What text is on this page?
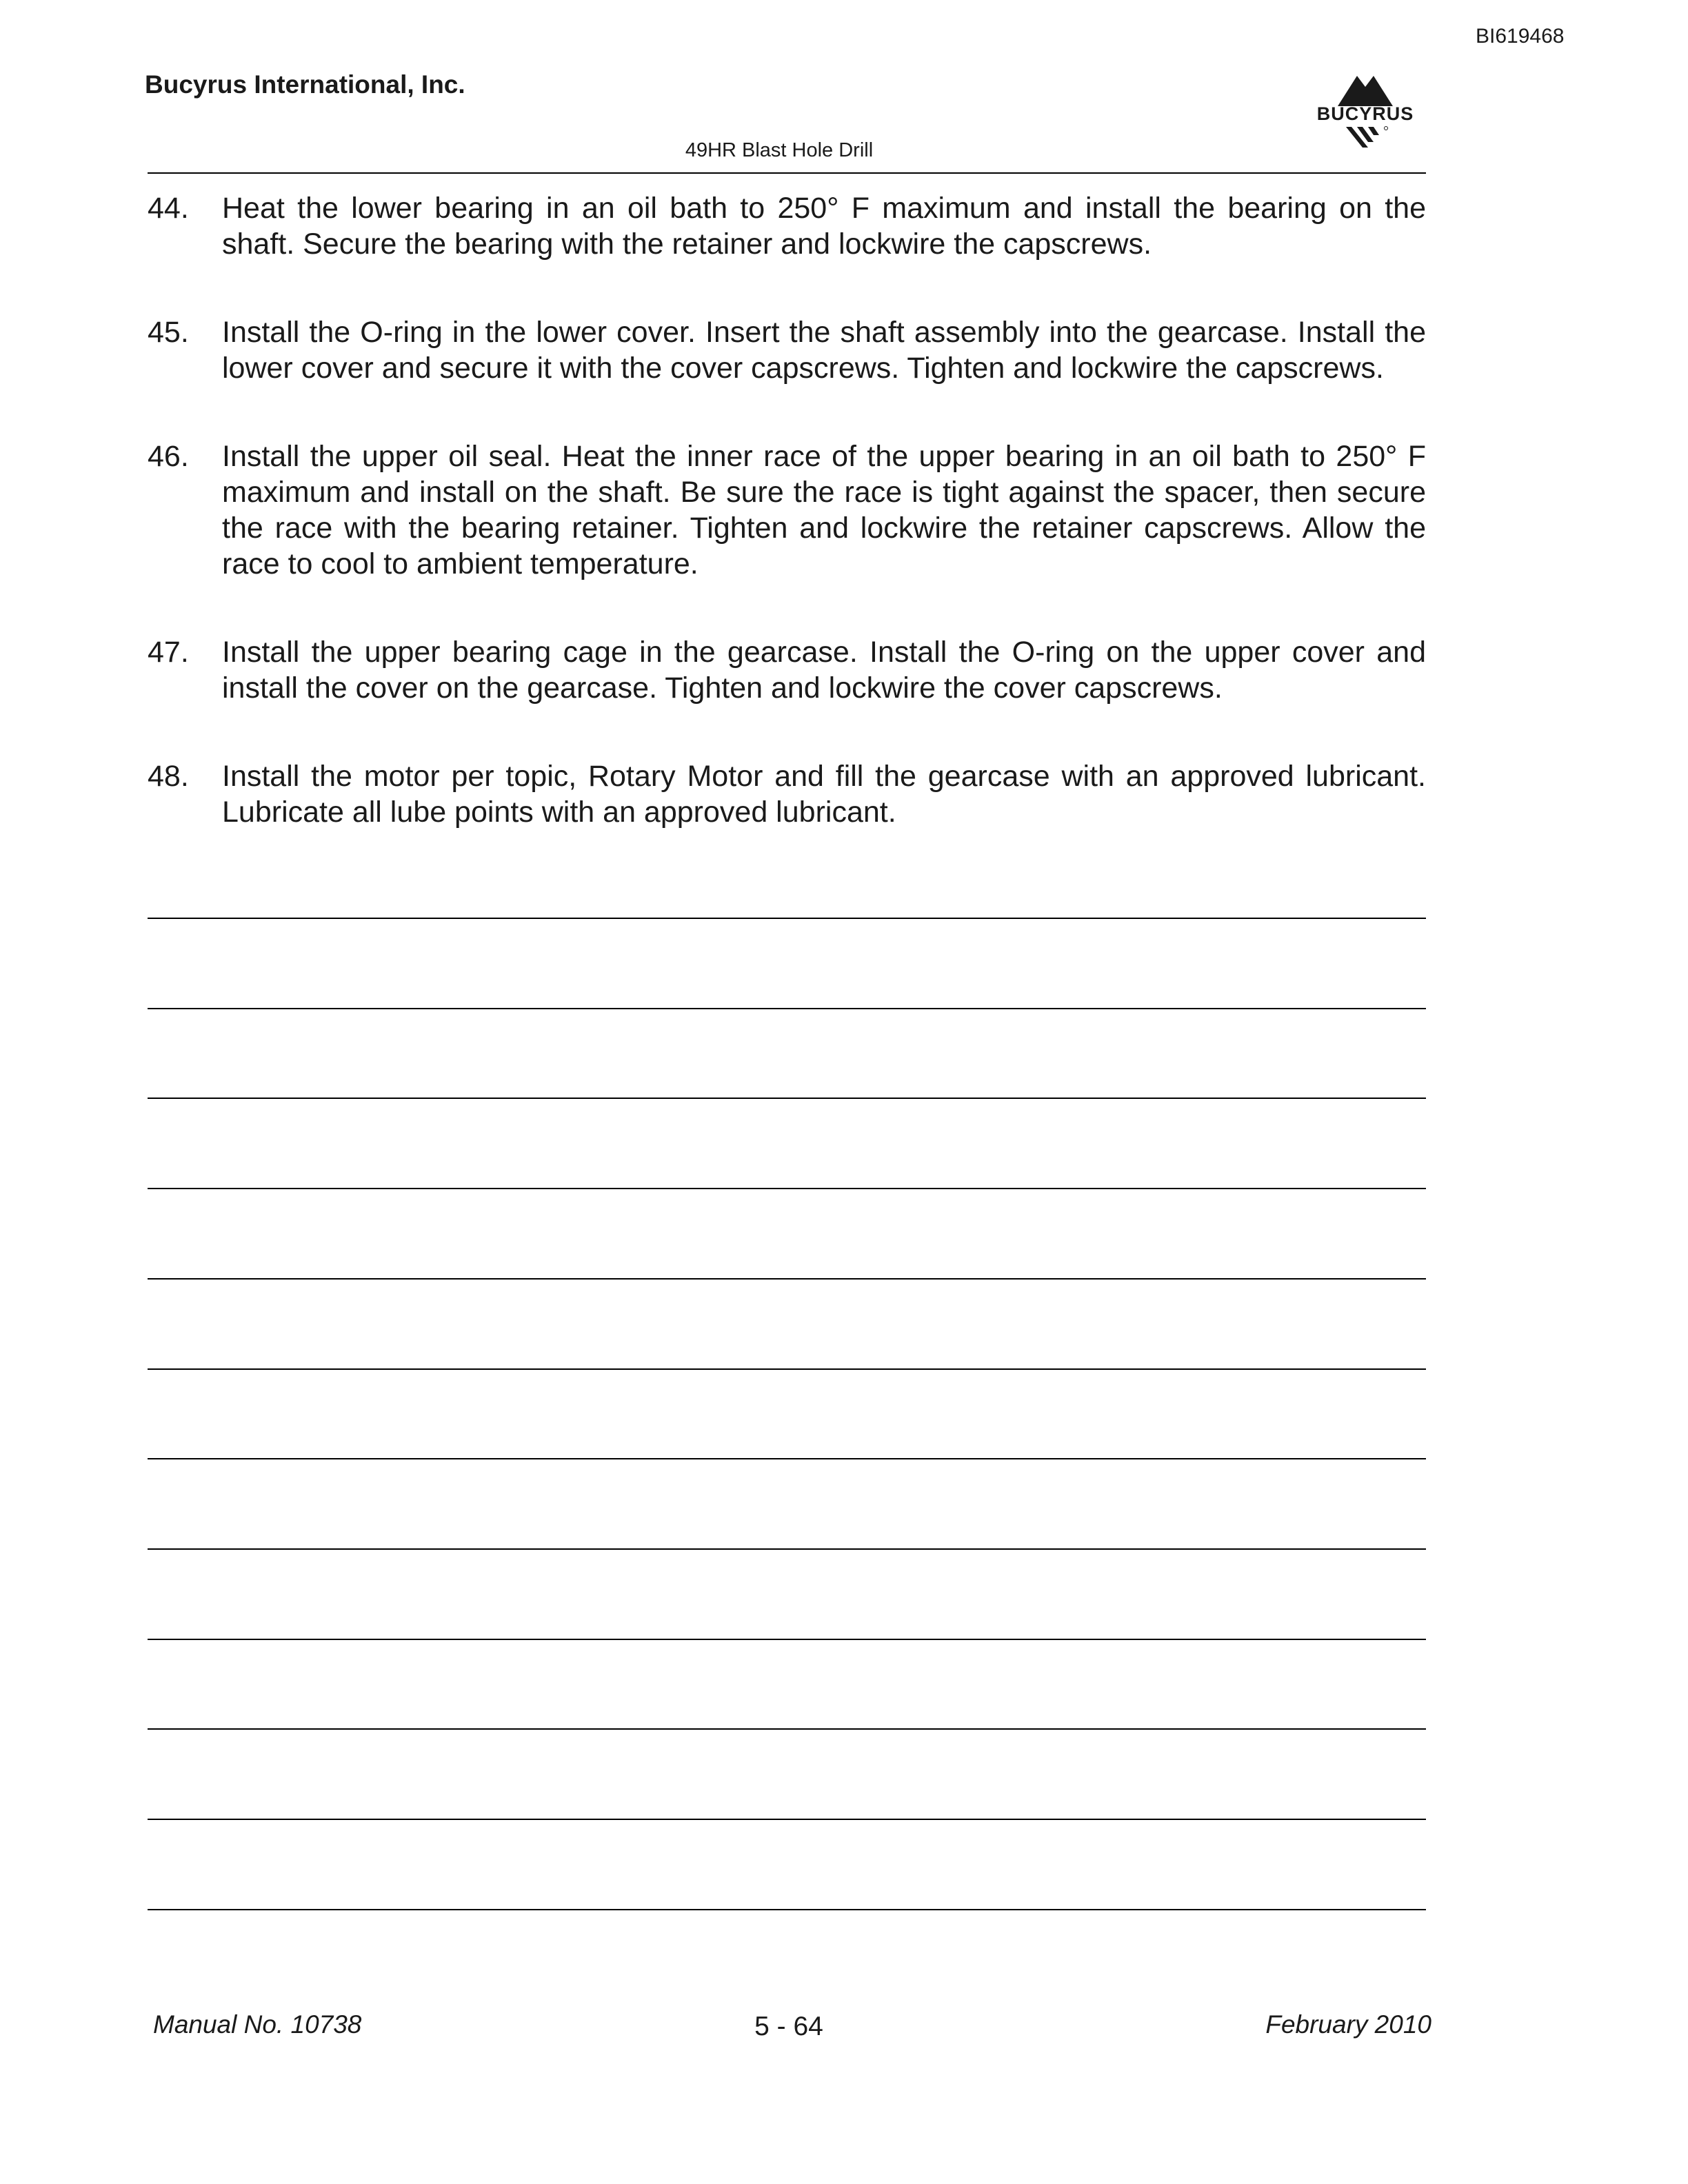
BI619468
Bucyrus International, Inc.
BUCYRUS
49HR Blast Hole Drill
44.	Heat the lower bearing in an oil bath to 250° F maximum and install the bearing on the shaft. Secure the bearing with the retainer and lockwire the capscrews.
45.	Install the O-ring in the lower cover. Insert the shaft assembly into the gearcase. Install the lower cover and secure it with the cover capscrews. Tighten and lockwire the capscrews.
46.	Install the upper oil seal. Heat the inner race of the upper bearing in an oil bath to 250° F maximum and install on the shaft. Be sure the race is tight against the spacer, then secure the race with the bearing retainer. Tighten and lockwire the retainer capscrews. Allow the race to cool to ambient temperature.
47.	Install the upper bearing cage in the gearcase. Install the O-ring on the upper cover and install the cover on the gearcase. Tighten and lockwire the cover capscrews.
48.	Install the motor per topic, Rotary Motor and fill the gearcase with an approved lubricant. Lubricate all lube points with an approved lubricant.
Manual No. 10738	5 - 64	February 2010
